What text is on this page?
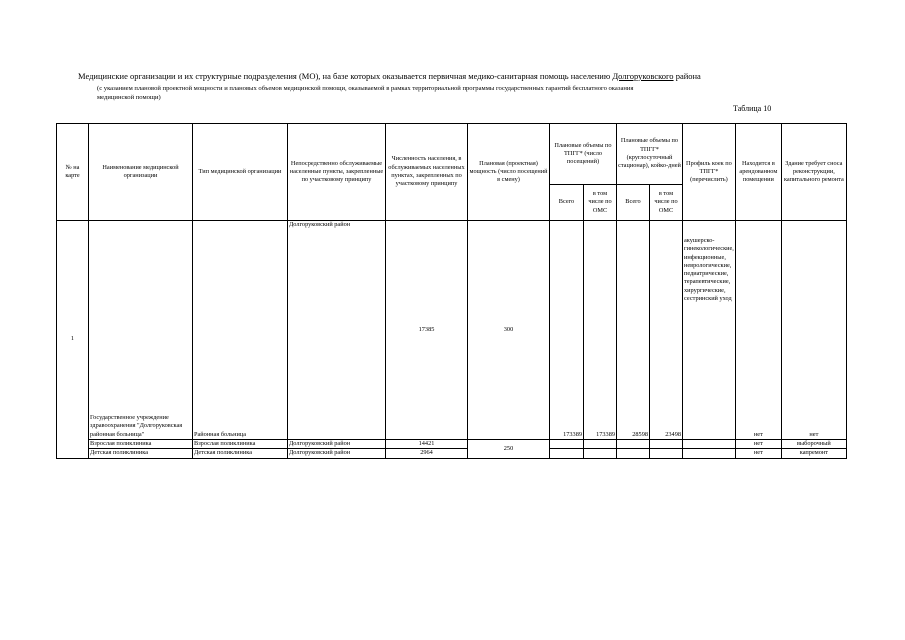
Медицинские организации и их структурные подразделения (МО), на базе которых оказывается первичная медико-санитарная помощь населению Долгоруковского района
(с указанием плановой проектной мощности и плановых объемов медицинской помощи, оказываемой в рамках территориальной программы государственных гарантий бесплатного оказания медицинской помощи)
Таблица 10
№ на карте	Наименование медицинской организации	Тип медицинской организации	Непосредственно обслуживаемые населенные пункты, закрепленные по участковому принципу	Численность населения, в обслуживаемых населенных пунктах, закрепленных по участковому принципу	Плановая (проектная) мощность (число посещений в смену)	Плановые объемы по ТПГГ* (число посещений)		Плановые объемы по ТПГГ* (круглосуточный стационар), койко-дней		Профиль коек по ТПГГ* (перечислить)	Находится в арендованном помещении	Здание требует сноса реконструкции, капитального ремонта
						Всего	в том числе по ОМС	Всего	в том числе по ОМС			
1	Государственное учреждение здравоохранения "Долгоруковская районная больница"	Районная больница	Долгоруковский район	17385	300	173389	173389	28598	23498	акушерско-гинекологические, инфекционные, неврологические, педиатрические, терапевтические, хирургические, сестринский уход	нет	нет
	Взрослая поликлиника	Взрослая поликлиника	Долгоруковский район	14421	250						нет	выборочный
	Детская поликлиника	Детская поликлиника	Долгоруковский район	2964							нет	капремонт
